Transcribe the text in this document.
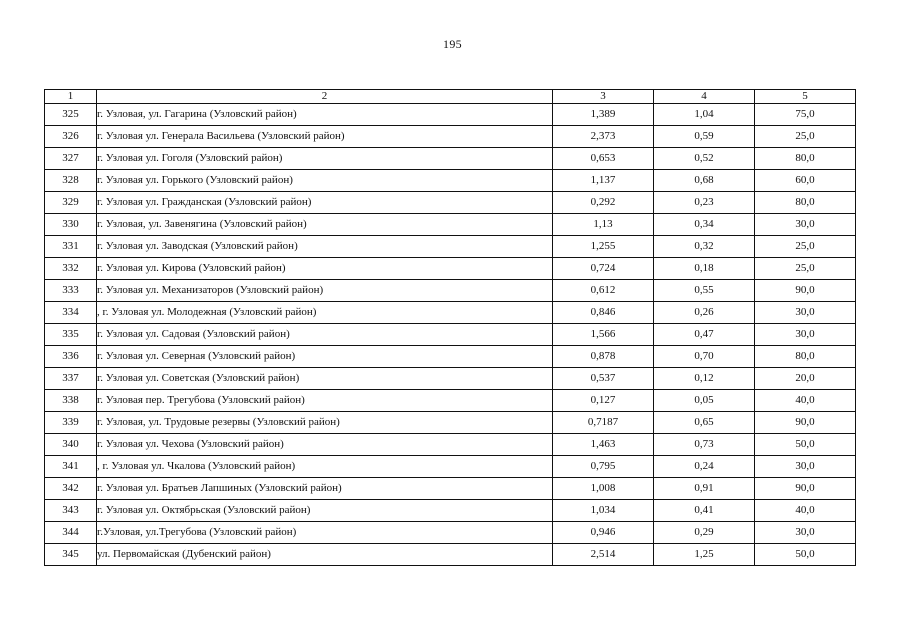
195
1	2	3	4	5
325	г. Узловая, ул. Гагарина (Узловский район)	1,389	1,04	75,0
326	г. Узловая ул. Генерала Васильева (Узловский район)	2,373	0,59	25,0
327	г. Узловая ул. Гоголя (Узловский район)	0,653	0,52	80,0
328	г. Узловая ул. Горького (Узловский район)	1,137	0,68	60,0
329	г. Узловая ул. Гражданская (Узловский район)	0,292	0,23	80,0
330	г. Узловая, ул. Завенягина (Узловский район)	1,13	0,34	30,0
331	г. Узловая ул. Заводская (Узловский район)	1,255	0,32	25,0
332	г. Узловая ул. Кирова (Узловский район)	0,724	0,18	25,0
333	г. Узловая ул. Механизаторов (Узловский район)	0,612	0,55	90,0
334	, г. Узловая ул. Молодежная (Узловский район)	0,846	0,26	30,0
335	г. Узловая ул. Садовая (Узловский район)	1,566	0,47	30,0
336	г. Узловая ул. Северная (Узловский район)	0,878	0,70	80,0
337	г. Узловая ул. Советская (Узловский район)	0,537	0,12	20,0
338	г. Узловая пер. Трегубова (Узловский район)	0,127	0,05	40,0
339	г. Узловая, ул. Трудовые резервы (Узловский район)	0,7187	0,65	90,0
340	г. Узловая ул. Чехова (Узловский район)	1,463	0,73	50,0
341	, г. Узловая ул. Чкалова (Узловский район)	0,795	0,24	30,0
342	г. Узловая ул. Братьев Лапшиных (Узловский район)	1,008	0,91	90,0
343	г. Узловая ул. Октябрьская (Узловский район)	1,034	0,41	40,0
344	г.Узловая, ул.Трегубова (Узловский район)	0,946	0,29	30,0
345	ул. Первомайская (Дубенский район)	2,514	1,25	50,0
